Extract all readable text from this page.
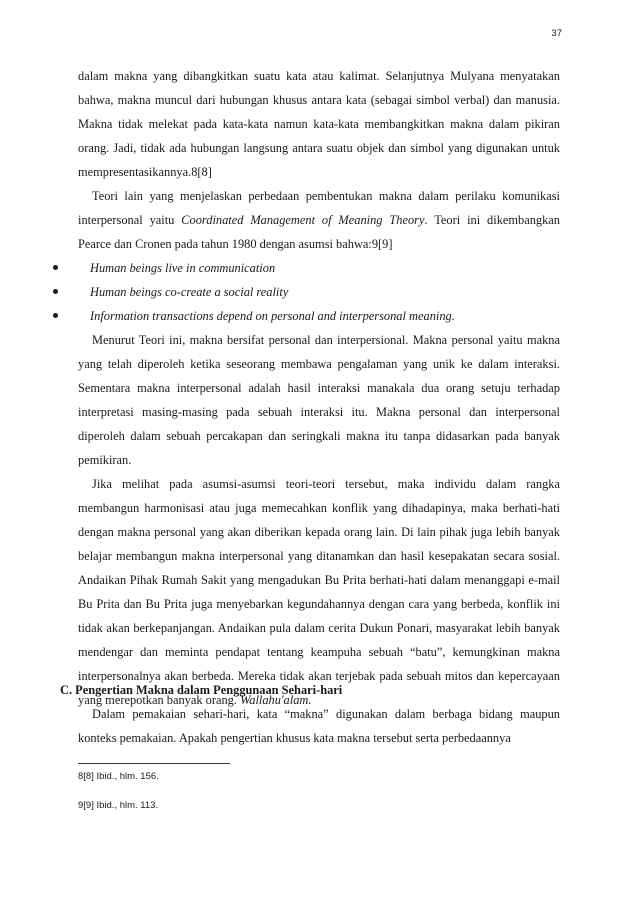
37

dalam makna yang dibangkitkan suatu kata atau kalimat. Selanjutnya Mulyana menyatakan bahwa, makna muncul dari hubungan khusus antara kata (sebagai simbol verbal) dan manusia. Makna tidak melekat pada kata-kata namun kata-kata membangkitkan makna dalam pikiran orang. Jadi, tidak ada hubungan langsung antara suatu objek dan simbol yang digunakan untuk mempresentasikannya.8[8]

Teori lain yang menjelaskan perbedaan pembentukan makna dalam perilaku komunikasi interpersonal yaitu Coordinated Management of Meaning Theory. Teori ini dikembangkan Pearce dan Cronen pada tahun 1980 dengan asumsi bahwa:9[9]

Human beings live in communication
Human beings co-create a social reality
Information transactions depend on personal and interpersonal meaning.

Menurut Teori ini, makna bersifat personal dan interpersional. Makna personal yaitu makna yang telah diperoleh ketika seseorang membawa pengalaman yang unik ke dalam interaksi. Sementara makna interpersonal adalah hasil interaksi manakala dua orang setuju terhadap interpretasi masing-masing pada sebuah interaksi itu. Makna personal dan interpersonal diperoleh dalam sebuah percakapan dan seringkali makna itu tanpa didasarkan pada banyak pemikiran.

Jika melihat pada asumsi-asumsi teori-teori tersebut, maka individu dalam rangka membangun harmonisasi atau juga memecahkan konflik yang dihadapinya, maka berhati-hati dengan makna personal yang akan diberikan kepada orang lain. Di lain pihak juga lebih banyak belajar membangun makna interpersonal yang ditanamkan dan hasil kesepakatan secara sosial. Andaikan Pihak Rumah Sakit yang mengadukan Bu Prita berhati-hati dalam menanggapi e-mail Bu Prita dan Bu Prita juga menyebarkan kegundahannya dengan cara yang berbeda, konflik ini tidak akan berkepanjangan. Andaikan pula dalam cerita Dukun Ponari, masyarakat lebih banyak mendengar dan meminta pendapat tentang keampuha sebuah “batu”, kemungkinan makna interpersonalnya akan berbeda. Mereka tidak akan terjebak pada sebuah mitos dan kepercayaan yang merepotkan banyak orang. Wallahu'alam.

C. Pengertian Makna dalam Penggunaan Sehari-hari

Dalam pemakaian sehari-hari, kata “makna” digunakan dalam berbaga bidang maupun konteks pemakaian. Apakah pengertian khusus kata makna tersebut serta perbedaannya

8[8] Ibid., hlm. 156.
9[9] Ibid., hlm. 113.
